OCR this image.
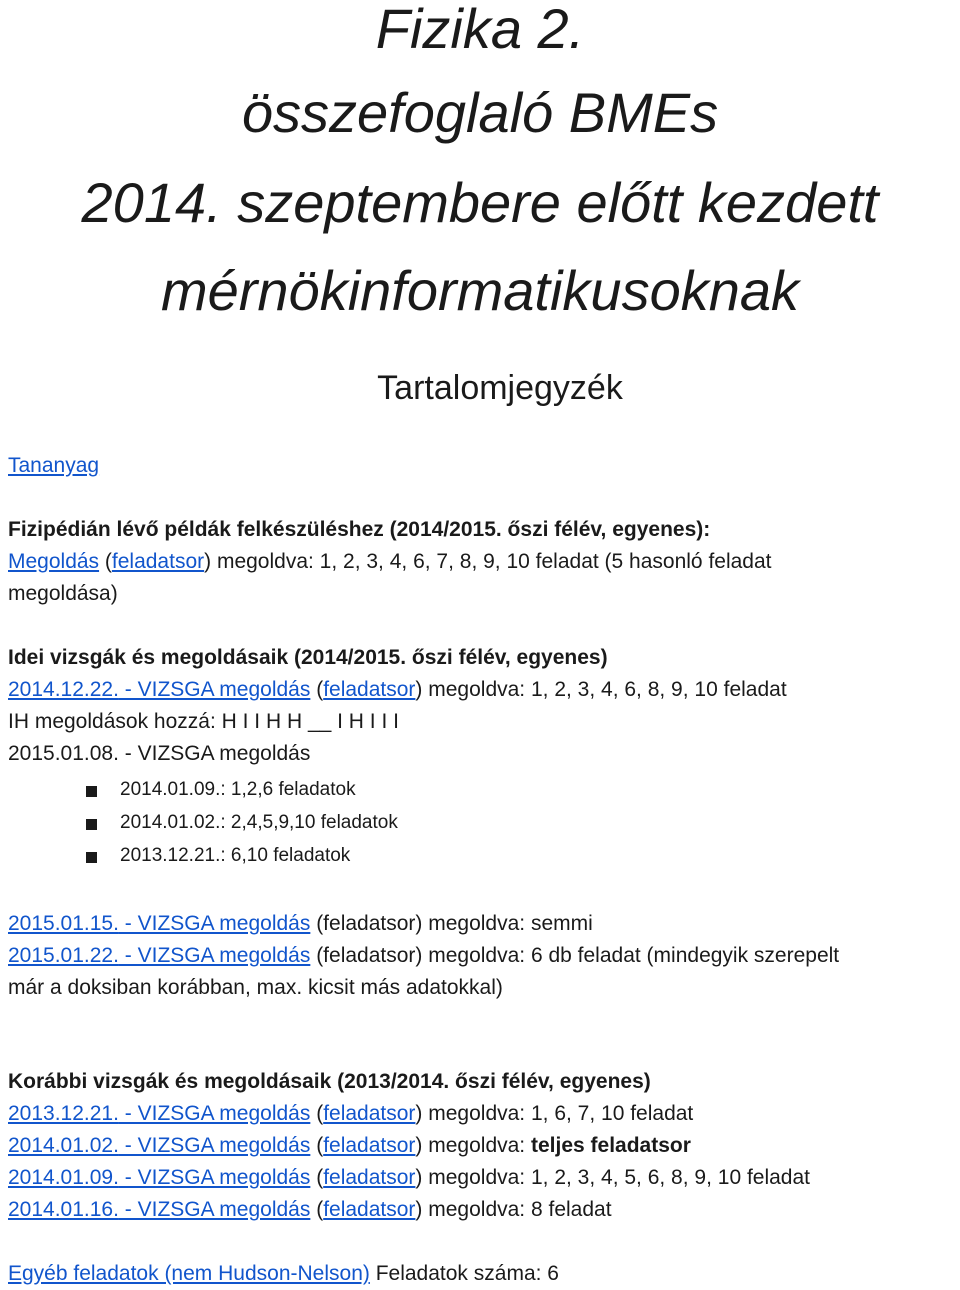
Fizika 2.
összefoglaló BMEs
2014. szeptembere előtt kezdett
mérnökinformatikusoknak
Tartalomjegyzék
Tananyag
Fizipédián lévő példák felkészüléshez (2014/2015. őszi félév, egyenes):
Megoldás (feladatsor) megoldva: 1, 2, 3, 4, 6, 7, 8, 9, 10 feladat (5 hasonló feladat
megoldása)
Idei vizsgák és megoldásaik (2014/2015. őszi félév, egyenes)
2014.12.22. - VIZSGA megoldás (feladatsor) megoldva: 1, 2, 3, 4, 6, 8, 9, 10 feladat
IH megoldások hozzá: H I I H H __ I H I I I
2015.01.08. - VIZSGA megoldás
2014.01.09.: 1,2,6 feladatok
2014.01.02.: 2,4,5,9,10 feladatok
2013.12.21.: 6,10 feladatok
2015.01.15. - VIZSGA megoldás (feladatsor) megoldva: semmi
2015.01.22. - VIZSGA megoldás (feladatsor) megoldva: 6 db feladat (mindegyik szerepelt
már a doksiban korábban, max. kicsit más adatokkal)
Korábbi vizsgák és megoldásaik (2013/2014. őszi félév, egyenes)
2013.12.21. - VIZSGA megoldás (feladatsor) megoldva: 1, 6, 7, 10 feladat
2014.01.02. - VIZSGA megoldás (feladatsor) megoldva: teljes feladatsor
2014.01.09. - VIZSGA megoldás (feladatsor) megoldva: 1, 2, 3, 4, 5, 6, 8, 9, 10 feladat
2014.01.16. - VIZSGA megoldás (feladatsor) megoldva: 8 feladat
Egyéb feladatok (nem Hudson-Nelson) Feladatok száma: 6
